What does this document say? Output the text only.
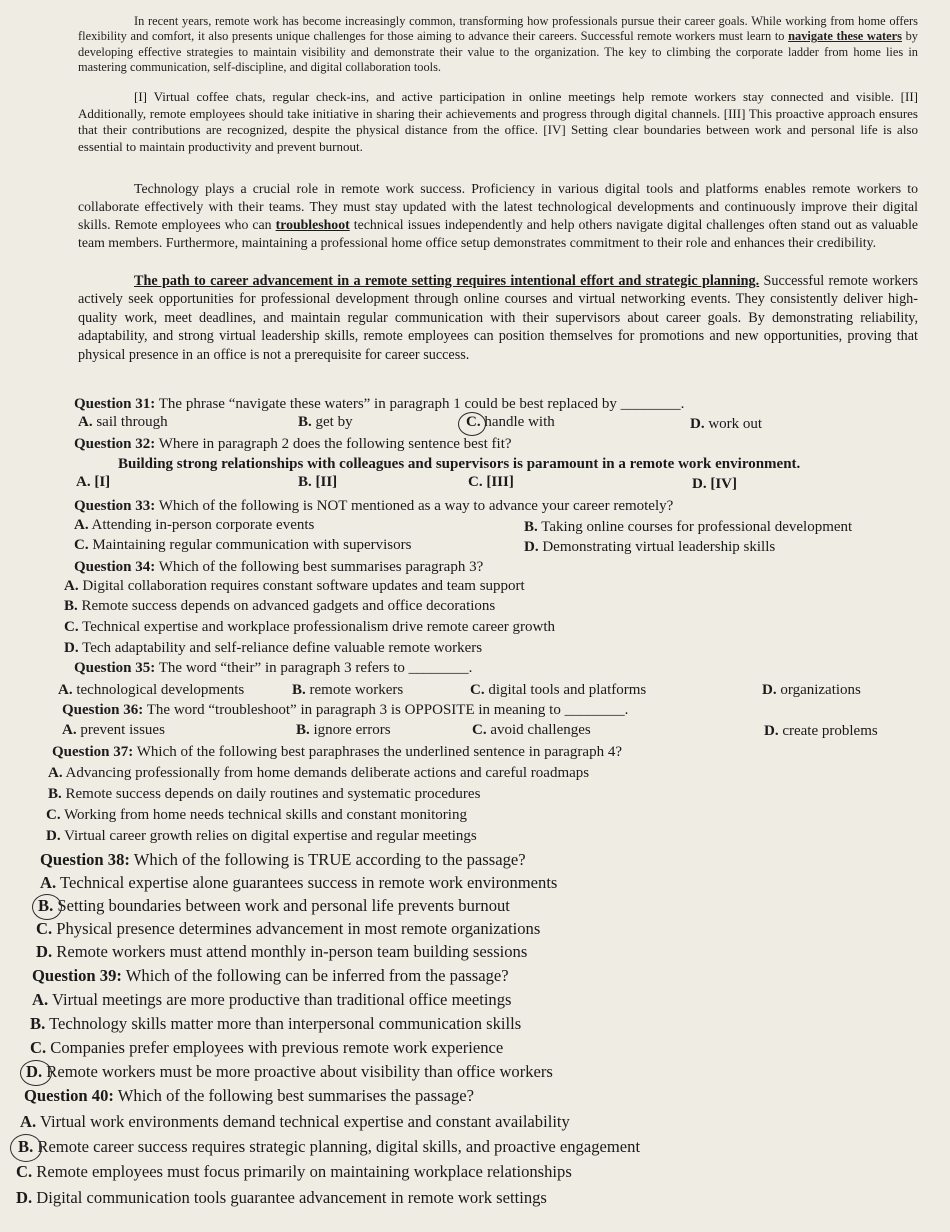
In recent years, remote work has become increasingly common, transforming how professionals pursue their career goals. While working from home offers flexibility and comfort, it also presents unique challenges for those aiming to advance their careers. Successful remote workers must learn to navigate these waters by developing effective strategies to maintain visibility and demonstrate their value to the organization. The key to climbing the corporate ladder from home lies in mastering communication, self-discipline, and digital collaboration tools.

[I] Virtual coffee chats, regular check-ins, and active participation in online meetings help remote workers stay connected and visible. [II] Additionally, remote employees should take initiative in sharing their achievements and progress through digital channels. [III] This proactive approach ensures that their contributions are recognized, despite the physical distance from the office. [IV] Setting clear boundaries between work and personal life is also essential to maintain productivity and prevent burnout.

Technology plays a crucial role in remote work success. Proficiency in various digital tools and platforms enables remote workers to collaborate effectively with their teams. They must stay updated with the latest technological developments and continuously improve their digital skills. Remote employees who can troubleshoot technical issues independently and help others navigate digital challenges often stand out as valuable team members. Furthermore, maintaining a professional home office setup demonstrates commitment to their role and enhances their credibility.

The path to career advancement in a remote setting requires intentional effort and strategic planning. Successful remote workers actively seek opportunities for professional development through online courses and virtual networking events. They consistently deliver high-quality work, meet deadlines, and maintain regular communication with their supervisors about career goals. By demonstrating reliability, adaptability, and strong virtual leadership skills, remote employees can position themselves for promotions and new opportunities, proving that physical presence in an office is not a prerequisite for career success.

Question 31: The phrase “navigate these waters” in paragraph 1 could be best replaced by ________.
A. sail through	B. get by	C. handle with	D. work out
Question 32: Where in paragraph 2 does the following sentence best fit?
Building strong relationships with colleagues and supervisors is paramount in a remote work environment.
A. [I]	B. [II]	C. [III]	D. [IV]
Question 33: Which of the following is NOT mentioned as a way to advance your career remotely?
A. Attending in-person corporate events	B. Taking online courses for professional development
C. Maintaining regular communication with supervisors	D. Demonstrating virtual leadership skills
Question 34: Which of the following best summarises paragraph 3?
A. Digital collaboration requires constant software updates and team support
B. Remote success depends on advanced gadgets and office decorations
C. Technical expertise and workplace professionalism drive remote career growth
D. Tech adaptability and self-reliance define valuable remote workers
Question 35: The word “their” in paragraph 3 refers to ________.
A. technological developments	B. remote workers	C. digital tools and platforms	D. organizations
Question 36: The word “troubleshoot” in paragraph 3 is OPPOSITE in meaning to ________.
A. prevent issues	B. ignore errors	C. avoid challenges	D. create problems
Question 37: Which of the following best paraphrases the underlined sentence in paragraph 4?
A. Advancing professionally from home demands deliberate actions and careful roadmaps
B. Remote success depends on daily routines and systematic procedures
C. Working from home needs technical skills and constant monitoring
D. Virtual career growth relies on digital expertise and regular meetings
Question 38: Which of the following is TRUE according to the passage?
A. Technical expertise alone guarantees success in remote work environments
B. Setting boundaries between work and personal life prevents burnout
C. Physical presence determines advancement in most remote organizations
D. Remote workers must attend monthly in-person team building sessions
Question 39: Which of the following can be inferred from the passage?
A. Virtual meetings are more productive than traditional office meetings
B. Technology skills matter more than interpersonal communication skills
C. Companies prefer employees with previous remote work experience
D. Remote workers must be more proactive about visibility than office workers
Question 40: Which of the following best summarises the passage?
A. Virtual work environments demand technical expertise and constant availability
B. Remote career success requires strategic planning, digital skills, and proactive engagement
C. Remote employees must focus primarily on maintaining workplace relationships
D. Digital communication tools guarantee advancement in remote work settings
